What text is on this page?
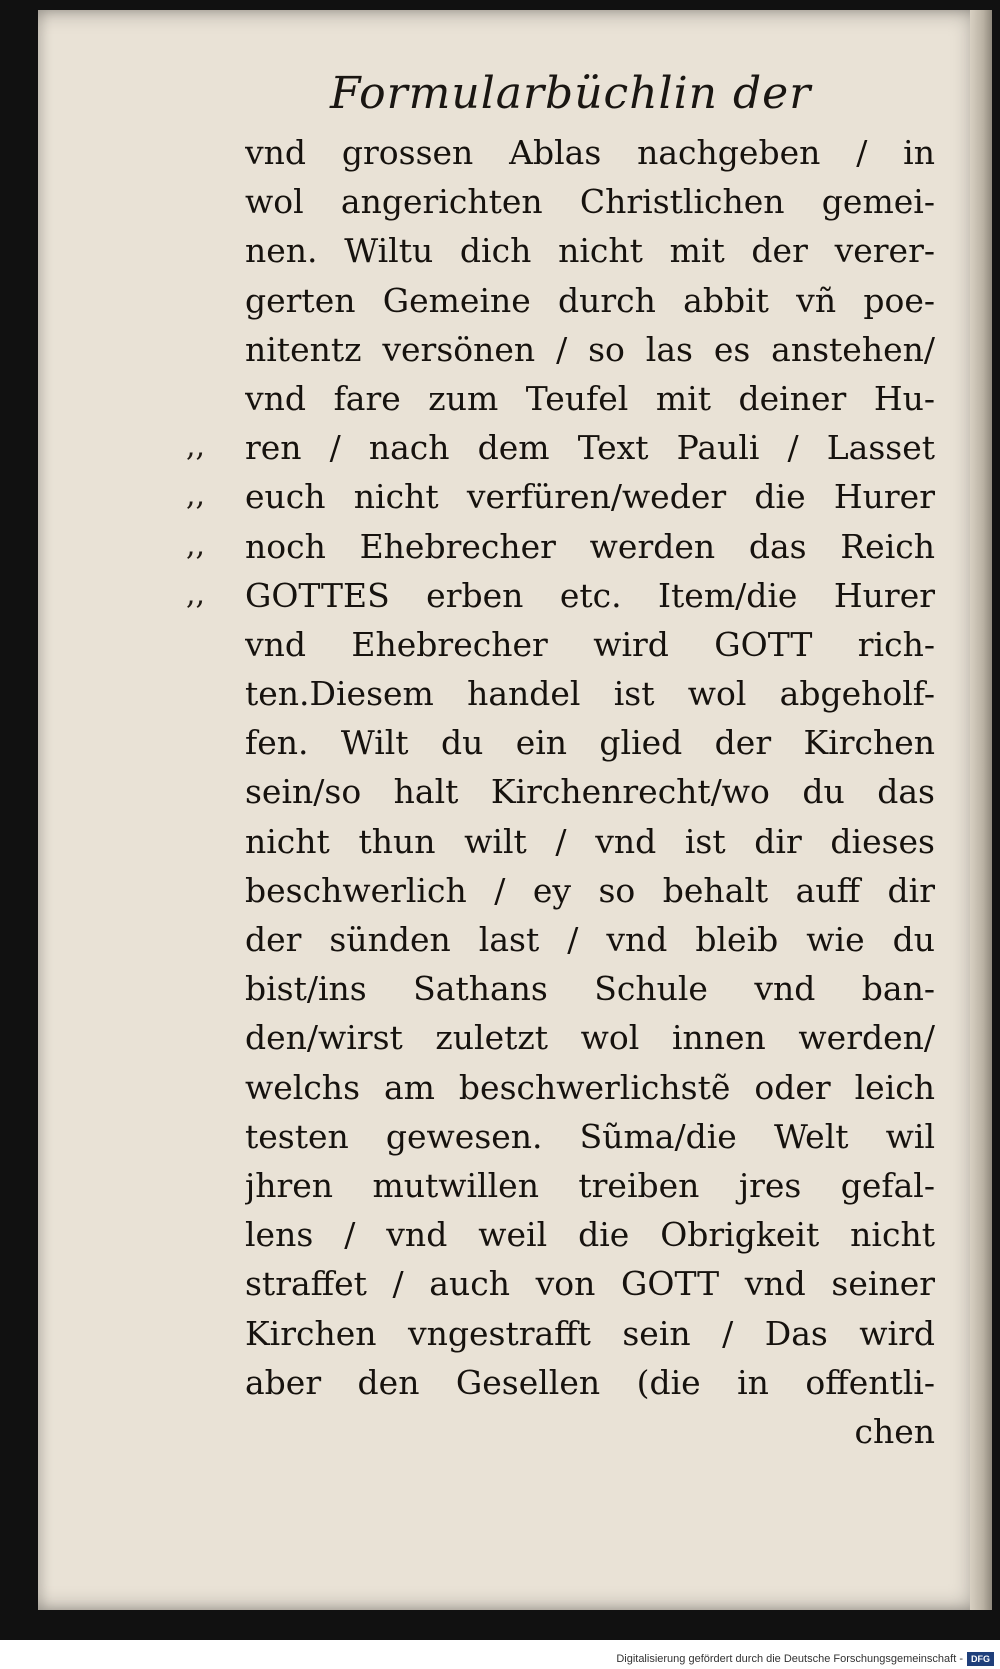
Formularbüchlin der
,,
,,
,,
,,
vnd grossen Ablas nachgeben / in
wol angerichten Christlichen gemei-
nen. Wiltu dich nicht mit der verer-
gerten Gemeine durch abbit vñ poe-
nitentz versönen / so las es anstehen/
vnd fare zum Teufel mit deiner Hu-
ren / nach dem Text Pauli / Lasset
euch nicht verfüren/weder die Hurer
noch Ehebrecher werden das Reich
GOTTES erben etc. Item/die Hurer
vnd Ehebrecher wird GOTT rich-
ten.Diesem handel ist wol abgeholf-
fen. Wilt du ein glied der Kirchen
sein/so halt Kirchenrecht/wo du das
nicht thun wilt / vnd ist dir dieses
beschwerlich / ey so behalt auff dir
der sünden last / vnd bleib wie du
bist/ins Sathans Schule vnd ban-
den/wirst zuletzt wol innen werden/
welchs am beschwerlichstẽ oder leich
testen gewesen. Sũma/die Welt wil
jhren mutwillen treiben jres gefal-
lens / vnd weil die Obrigkeit nicht
straffet / auch von GOTT vnd seiner
Kirchen vngestrafft sein / Das wird
aber den Gesellen (die in offentli-
chen
Digitalisierung gefördert durch die Deutsche Forschungsgemeinschaft - DFG
